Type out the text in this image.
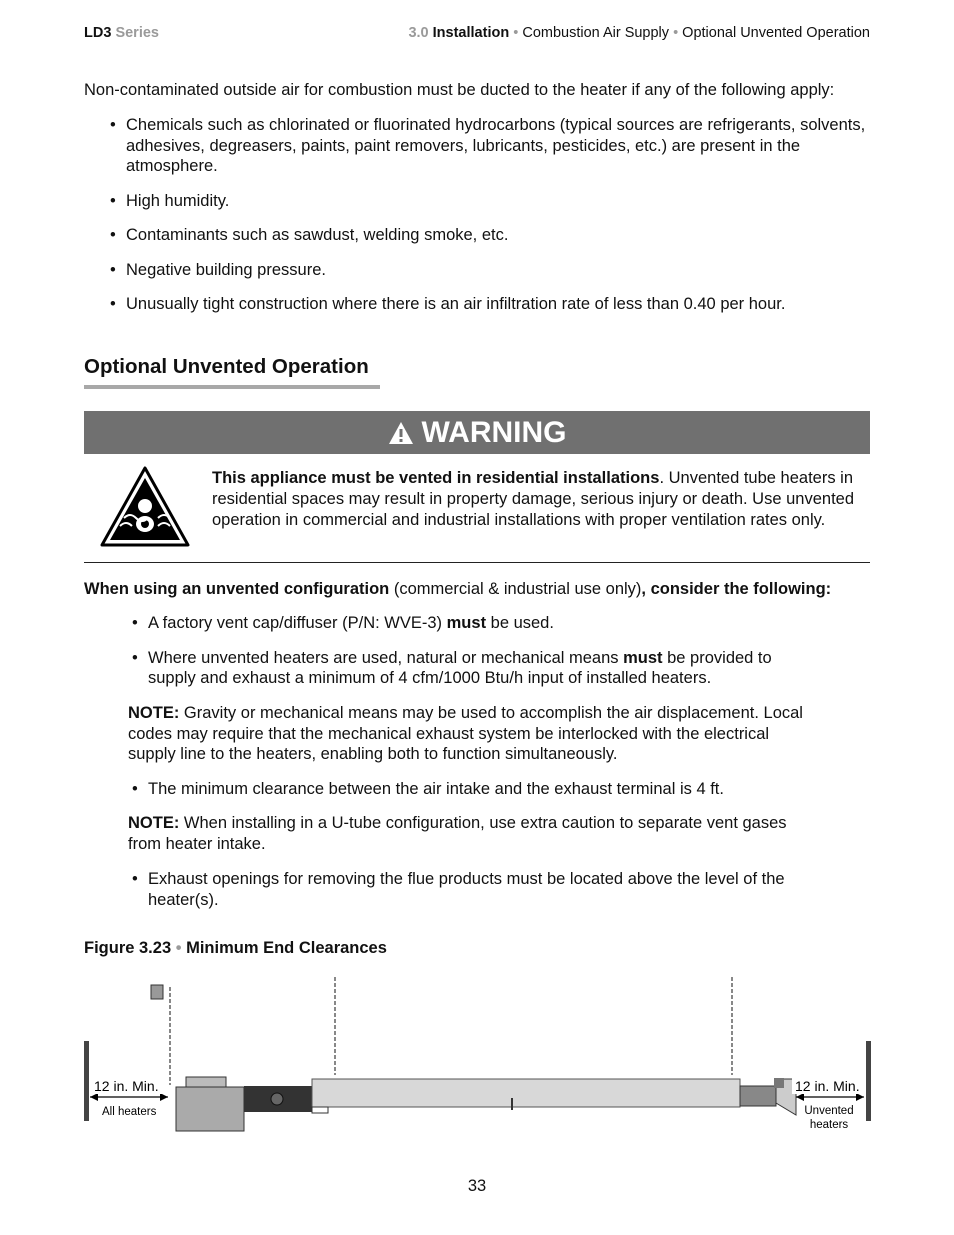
LD3 Series	3.0 Installation • Combustion Air Supply • Optional Unvented Operation

Non-contaminated outside air for combustion must be ducted to the heater if any of the following apply:

• Chemicals such as chlorinated or fluorinated hydrocarbons (typical sources are refrigerants, solvents, adhesives, degreasers, paints, paint removers, lubricants, pesticides, etc.) are present in the atmosphere.
• High humidity.
• Contaminants such as sawdust, welding smoke, etc.
• Negative building pressure.
• Unusually tight construction where there is an air infiltration rate of less than 0.40 per hour.
Optional Unvented Operation
WARNING

This appliance must be vented in residential installations. Unvented tube heaters in residential spaces may result in property damage, serious injury or death. Use unvented operation in commercial and industrial installations with proper ventilation rates only.

When using an unvented configuration (commercial & industrial use only), consider the following:

• A factory vent cap/diffuser (P/N: WVE-3) must be used.
• Where unvented heaters are used, natural or mechanical means must be provided to supply and exhaust a minimum of 4 cfm/1000 Btu/h input of installed heaters.

NOTE: Gravity or mechanical means may be used to accomplish the air displacement. Local codes may require that the mechanical exhaust system be interlocked with the electrical supply line to the heaters, enabling both to function simultaneously.

• The minimum clearance between the air intake and the exhaust terminal is 4 ft.

NOTE: When installing in a U-tube configuration, use extra caution to separate vent gases from heater intake.

• Exhaust openings for removing the flue products must be located above the level of the heater(s).
Figure 3.23 • Minimum End Clearances
12 in. Min.
All heaters
12 in. Min.
Unvented
heaters
33
